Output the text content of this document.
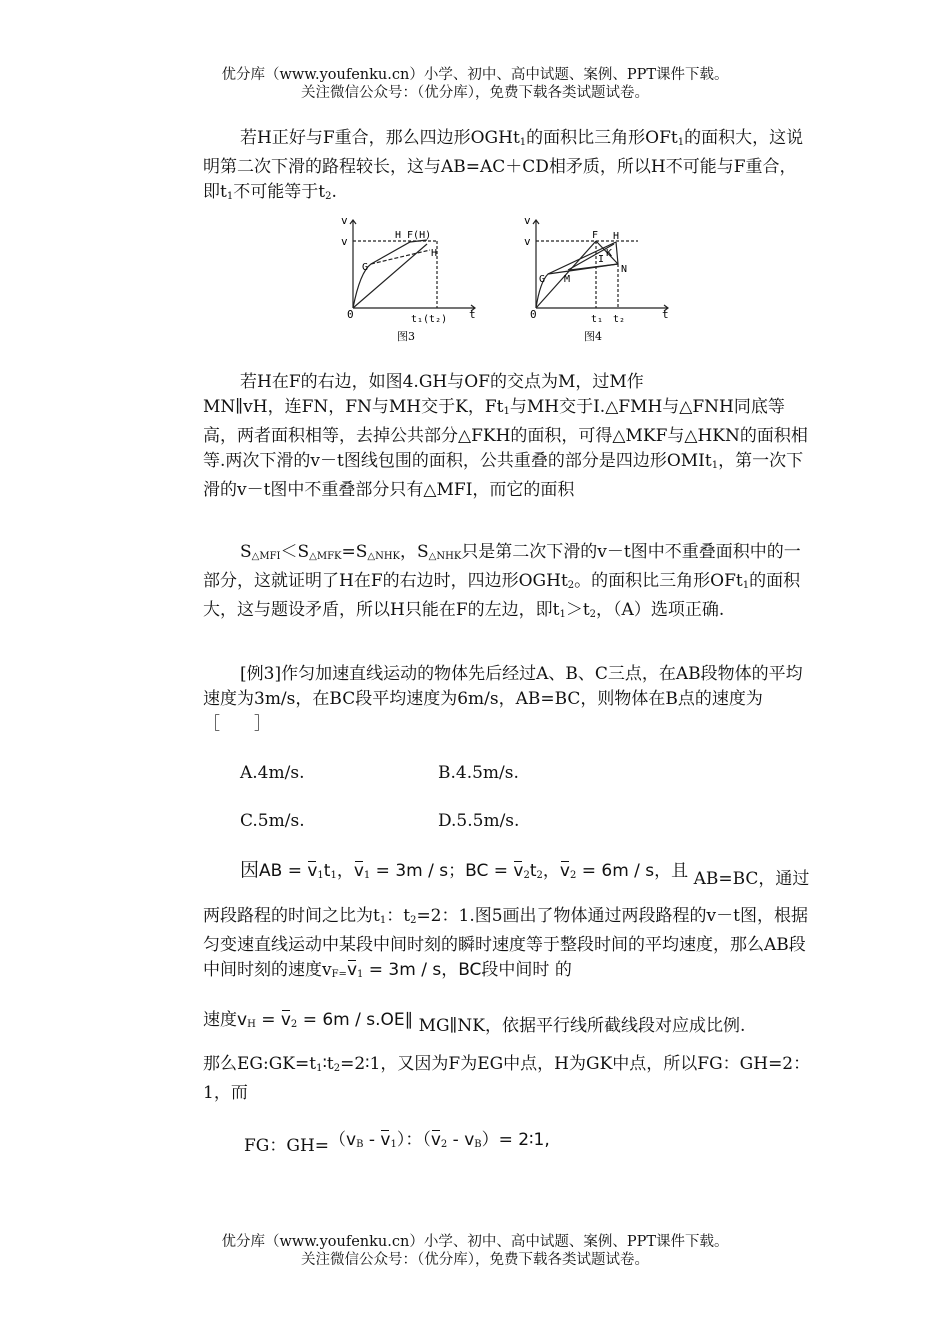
优分库（www.youfenku.cn）小学、初中、高中试题、案例、PPT课件下载。
关注微信公众号：（优分库），免费下载各类试题试卷。
若H正好与F重合，那么四边形OGHt$_1$的面积比三角形OFt$_1$的面积大，这说明第二次下滑的路程较长，这与AB=AC＋CD相矛质，所以H不可能与F重合，即$t_1$不可能等于$t_2$.
v
v
t
0
G
H F(H)
H
t₁(t₂)
图3
v
v
t
0
G M
F H
K
I
N
t₁ t₂
图4
若H在F的右边，如图4.GH与OF的交点为M，过M作
MN∥vH，连FN，FN与MH交于K，$Ft_1$与MH交于I.△FMH与△FNH同底等高，两者面积相等，去掉公共部分△FKH的面积，可得△MKF与△HKN的面积相等.两次下滑的v－t图线包围的面积，公共重叠的部分是四边形OMIt$_1$，第一次下滑的v－t图中不重叠部分只有△MFI，而它的面积
$S_{\triangle MFI}<S_{\triangle MFK}=S_{\triangle NHK}$，$S_{\triangle NHK}$只是第二次下滑的v－t图中不重叠面积中的一部分，这就证明了H在F的右边时，四边形OGHt$_2$。的面积比三角形OFt$_1$的面积大，这与题设矛盾，所以H只能在F的左边，即$t_1>t_2$，（A）选项正确.
[例3]作匀加速直线运动的物体先后经过A、B、C三点，在AB段物体的平均速度为3m/s，在BC段平均速度为6m/s，AB=BC，则物体在B点的速度为［　　］
A.4m/s.	B.4.5m/s.
C.5m/s.	D.5.5m/s.
因AB = $v_1t_1$，$v_1 = 3m / s$；BC = $v_2t_2$，$v_2 = 6m / s$，且 AB=BC，通过
两段路程的时间之比为$t_1$：$t_2=2$：1.图5画出了物体通过两段路程的v－t图，根据匀变速直线运动中某段中间时刻的瞬时速度等于整段时间的平均速度，那么AB段中间时刻的速度$v_{F=}v_1 = 3m / s$，BC段中间时 的
速度$v_H = v_2 = 6m$ / s.OE∥ MG∥NK，依据平行线所截线段对应成比例.
那么$EG:GK=t_1∶t_2=2∶1$，又因为F为EG中点，H为GK中点，所以FG：GH=2：1，而
FG：$GH=(v_B - v_1)$：$(v_2 - v_B)=$ 2∶1,
优分库（www.youfenku.cn）小学、初中、高中试题、案例、PPT课件下载。
关注微信公众号：（优分库），免费下载各类试题试卷。
